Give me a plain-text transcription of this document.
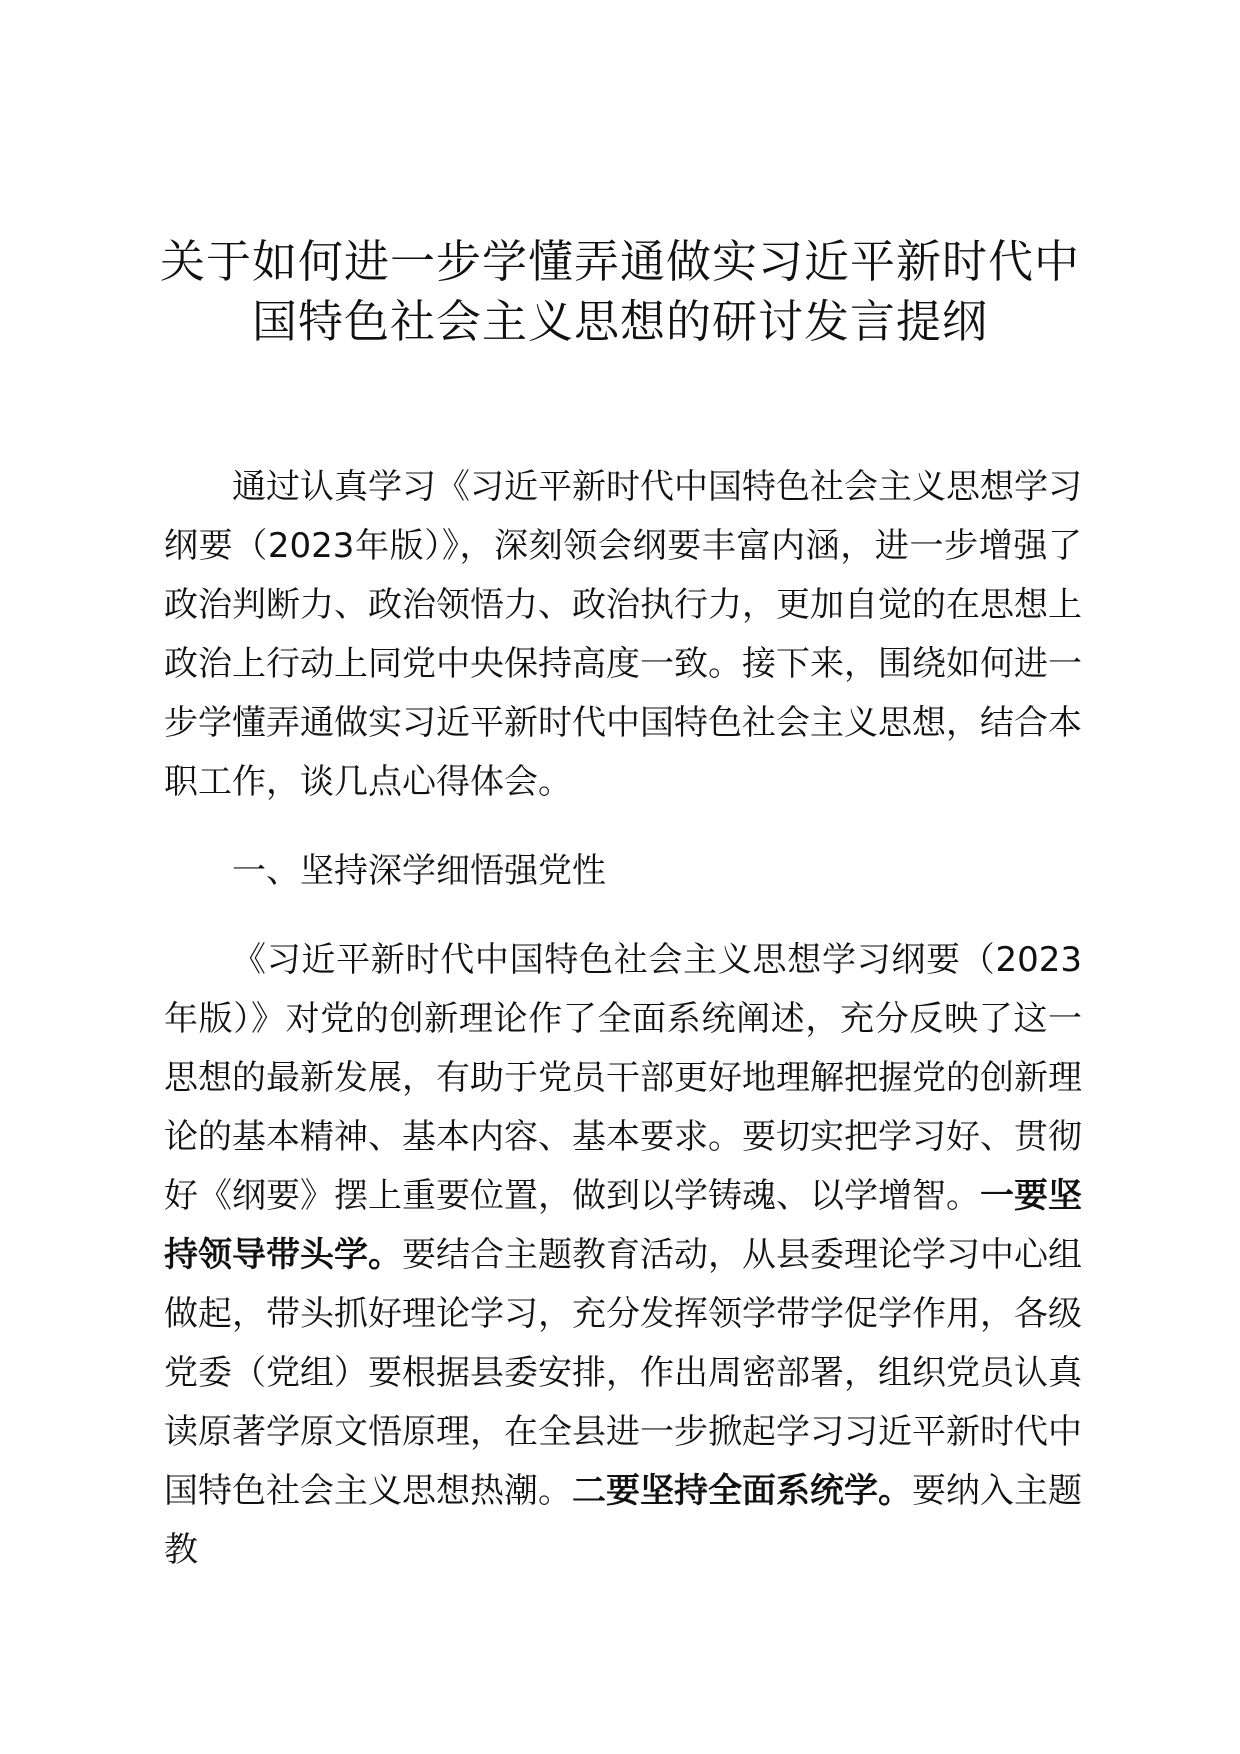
关于如何进一步学懂弄通做实习近平新时代中
国特色社会主义思想的研讨发言提纲

通过认真学习《习近平新时代中国特色社会主义思想学习纲要（2023年版）》，深刻领会纲要丰富内涵，进一步增强了政治判断力、政治领悟力、政治执行力，更加自觉的在思想上政治上行动上同党中央保持高度一致。接下来，围绕如何进一步学懂弄通做实习近平新时代中国特色社会主义思想，结合本职工作，谈几点心得体会。

一、坚持深学细悟强党性

《习近平新时代中国特色社会主义思想学习纲要（2023年版）》对党的创新理论作了全面系统阐述，充分反映了这一思想的最新发展，有助于党员干部更好地理解把握党的创新理论的基本精神、基本内容、基本要求。要切实把学习好、贯彻好《纲要》摆上重要位置，做到以学铸魂、以学增智。一要坚持领导带头学。要结合主题教育活动，从县委理论学习中心组做起，带头抓好理论学习，充分发挥领学带学促学作用，各级党委（党组）要根据县委安排，作出周密部署，组织党员认真读原著学原文悟原理，在全县进一步掀起学习习近平新时代中国特色社会主义思想热潮。二要坚持全面系统学。要纳入主题教
